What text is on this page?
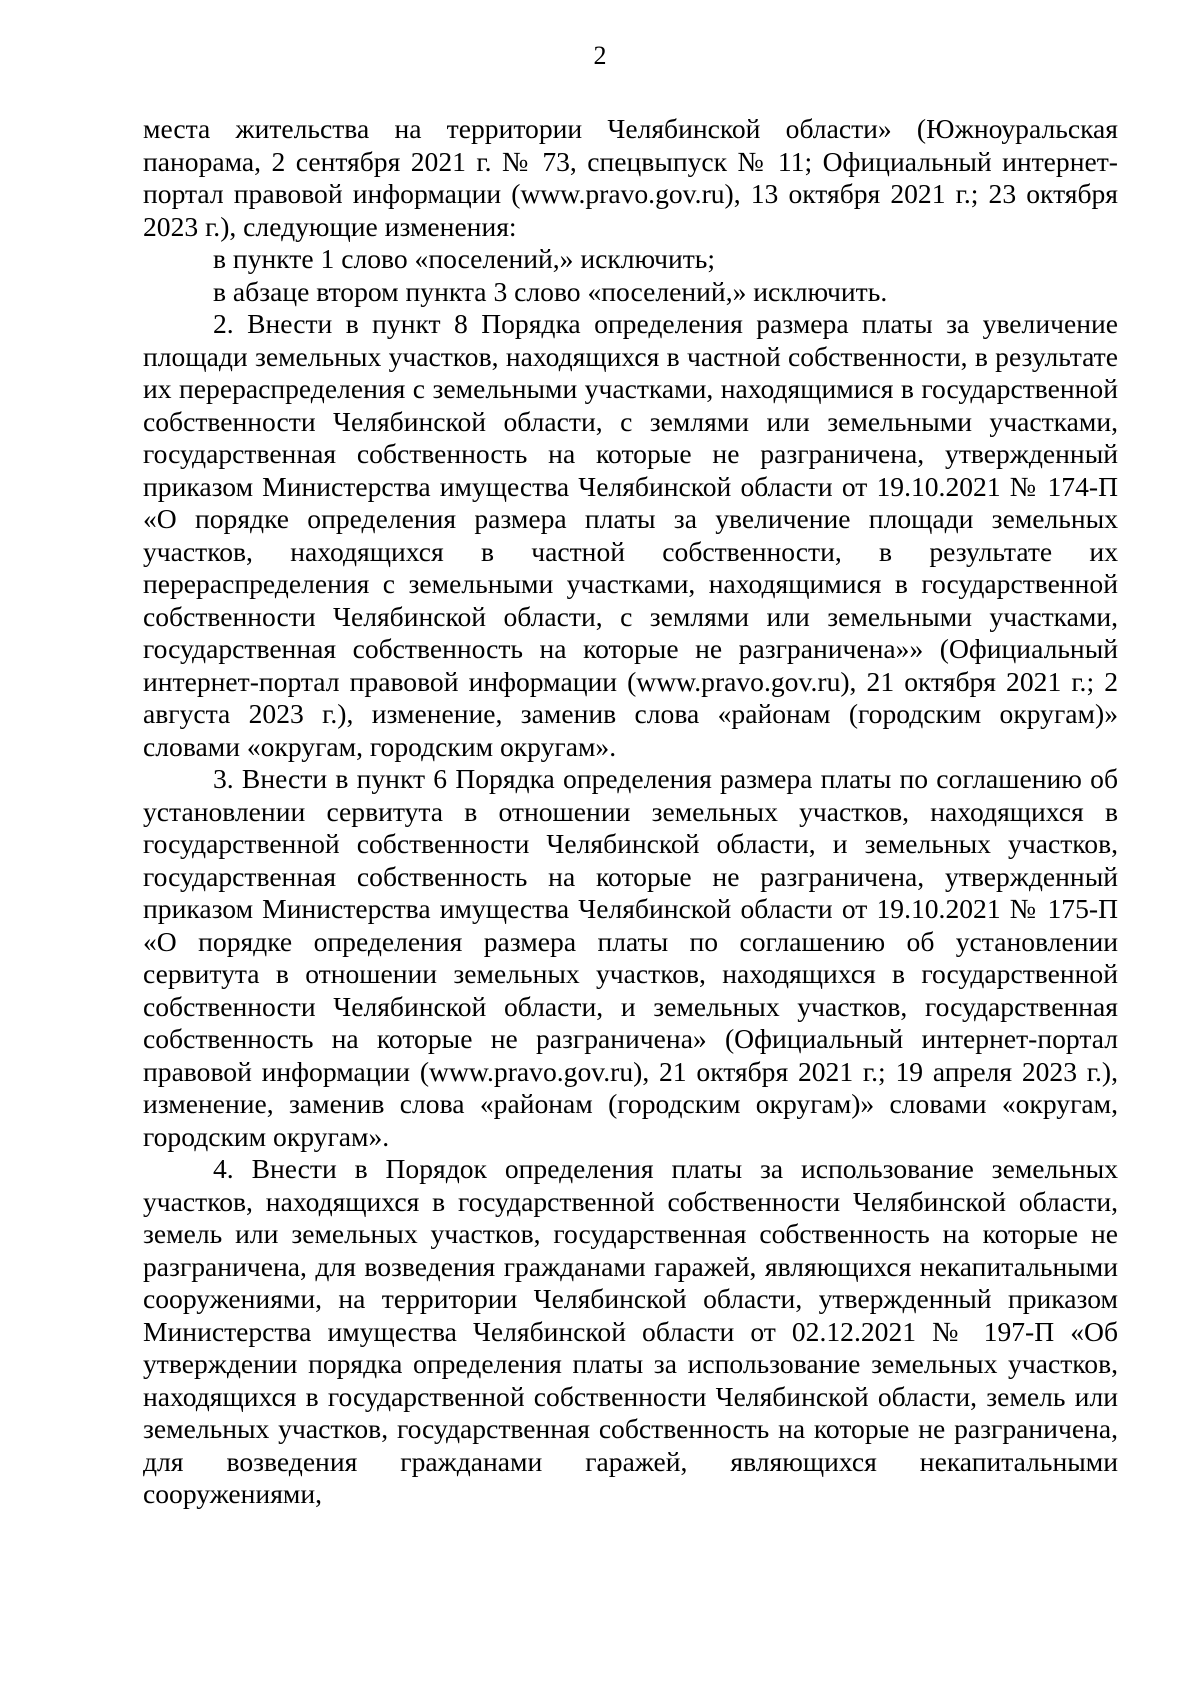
2

места жительства на территории Челябинской области» (Южноуральская панорама, 2 сентября 2021 г. № 73, спецвыпуск № 11; Официальный интернет-портал правовой информации (www.pravo.gov.ru), 13 октября 2021 г.; 23 октября 2023 г.), следующие изменения:

в пункте 1 слово «поселений,» исключить;

в абзаце втором пункта 3 слово «поселений,» исключить.

2. Внести в пункт 8 Порядка определения размера платы за увеличение площади земельных участков, находящихся в частной собственности, в результате их перераспределения с земельными участками, находящимися в государственной собственности Челябинской области, с землями или земельными участками, государственная собственность на которые не разграничена, утвержденный приказом Министерства имущества Челябинской области от 19.10.2021 № 174-П «О порядке определения размера платы за увеличение площади земельных участков, находящихся в частной собственности, в результате их перераспределения с земельными участками, находящимися в государственной собственности Челябинской области, с землями или земельными участками, государственная собственность на которые не разграничена»» (Официальный интернет-портал правовой информации (www.pravo.gov.ru), 21 октября 2021 г.; 2 августа 2023 г.), изменение, заменив слова «районам (городским округам)» словами «округам, городским округам».

3. Внести в пункт 6 Порядка определения размера платы по соглашению об установлении сервитута в отношении земельных участков, находящихся в государственной собственности Челябинской области, и земельных участков, государственная собственность на которые не разграничена, утвержденный приказом Министерства имущества Челябинской области от 19.10.2021 № 175-П «О порядке определения размера платы по соглашению об установлении сервитута в отношении земельных участков, находящихся в государственной собственности Челябинской области, и земельных участков, государственная собственность на которые не разграничена» (Официальный интернет-портал правовой информации (www.pravo.gov.ru), 21 октября 2021 г.; 19 апреля 2023 г.), изменение, заменив слова «районам (городским округам)» словами «округам, городским округам».

4. Внести в Порядок определения платы за использование земельных участков, находящихся в государственной собственности Челябинской области, земель или земельных участков, государственная собственность на которые не разграничена, для возведения гражданами гаражей, являющихся некапитальными сооружениями, на территории Челябинской области, утвержденный приказом Министерства имущества Челябинской области от 02.12.2021 № 197-П «Об утверждении порядка определения платы за использование земельных участков, находящихся в государственной собственности Челябинской области, земель или земельных участков, государственная собственность на которые не разграничена, для возведения гражданами гаражей, являющихся некапитальными сооружениями,
